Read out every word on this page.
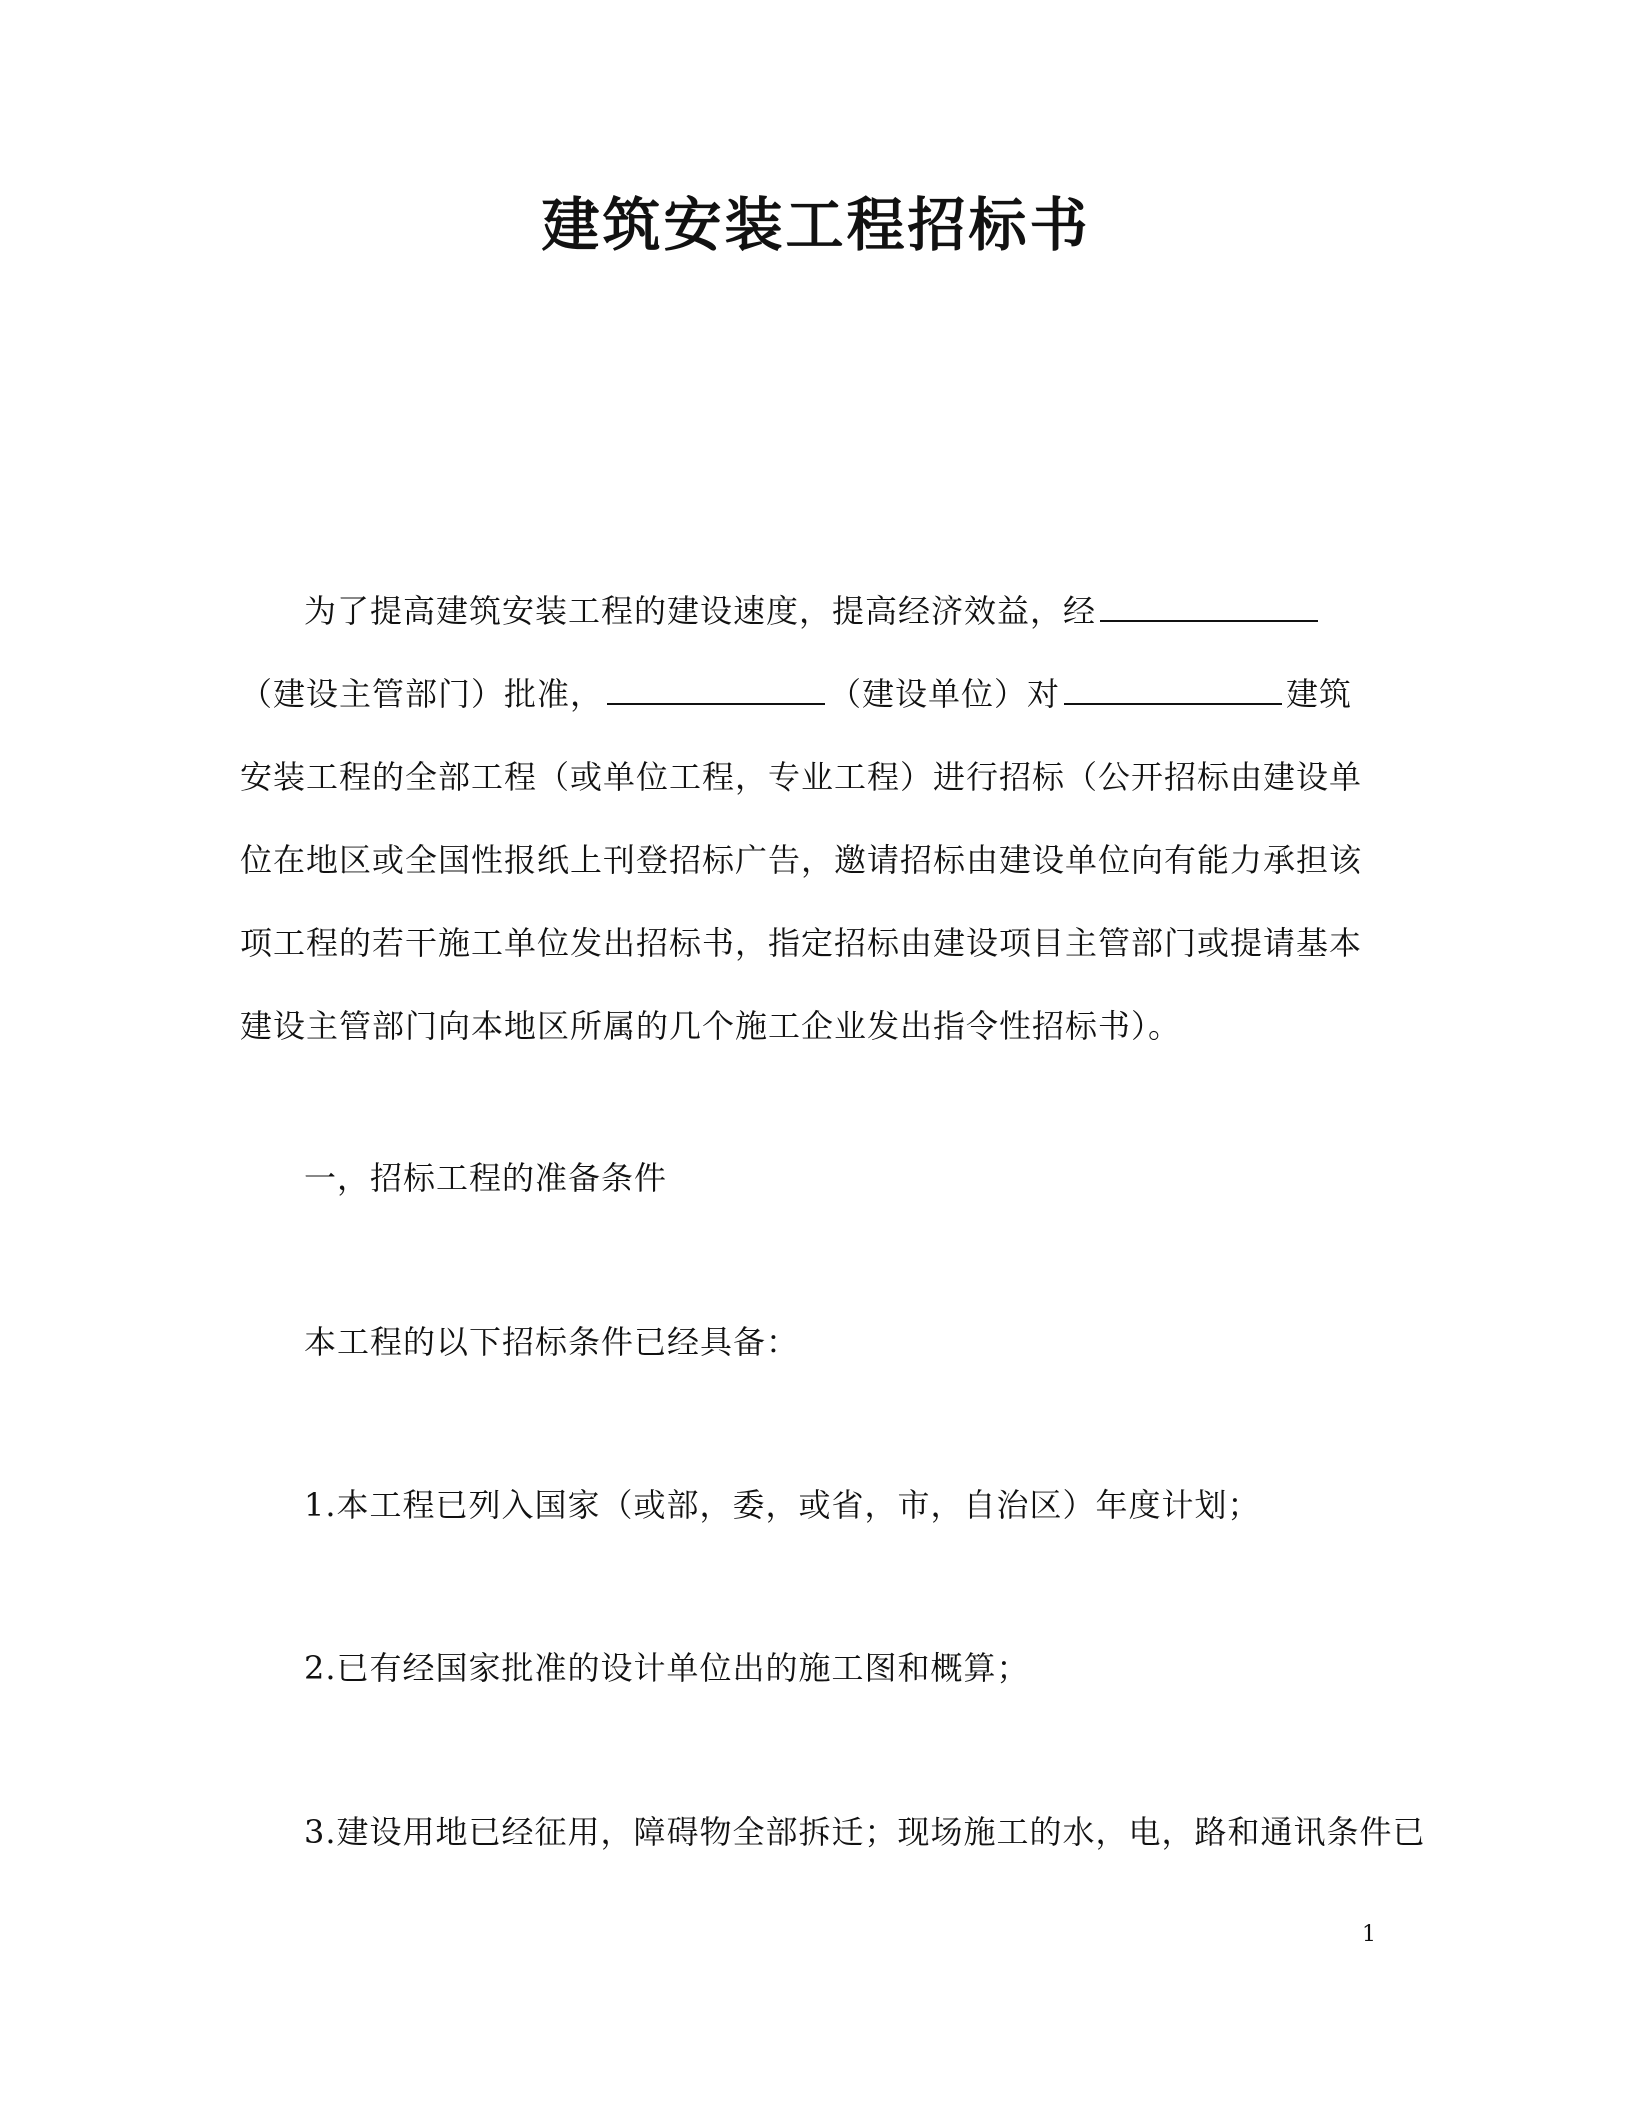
建筑安装工程招标书
为了提高建筑安装工程的建设速度，提高经济效益，经（建设主管部门）批准，	（建设单位）对	建筑安装工程的全部工程（或单位工程，专业工程）进行招标（公开招标由建设单位在地区或全国性报纸上刊登招标广告，邀请招标由建设单位向有能力承担该项工程的若干施工单位发出招标书，指定招标由建设项目主管部门或提请基本建设主管部门向本地区所属的几个施工企业发出指令性招标书）。
一，招标工程的准备条件
本工程的以下招标条件已经具备：
1.本工程已列入国家（或部，委，或省，市，自治区）年度计划；
2.已有经国家批准的设计单位出的施工图和概算；
3.建设用地已经征用，障碍物全部拆迁；现场施工的水，电，路和通讯条件已
1
